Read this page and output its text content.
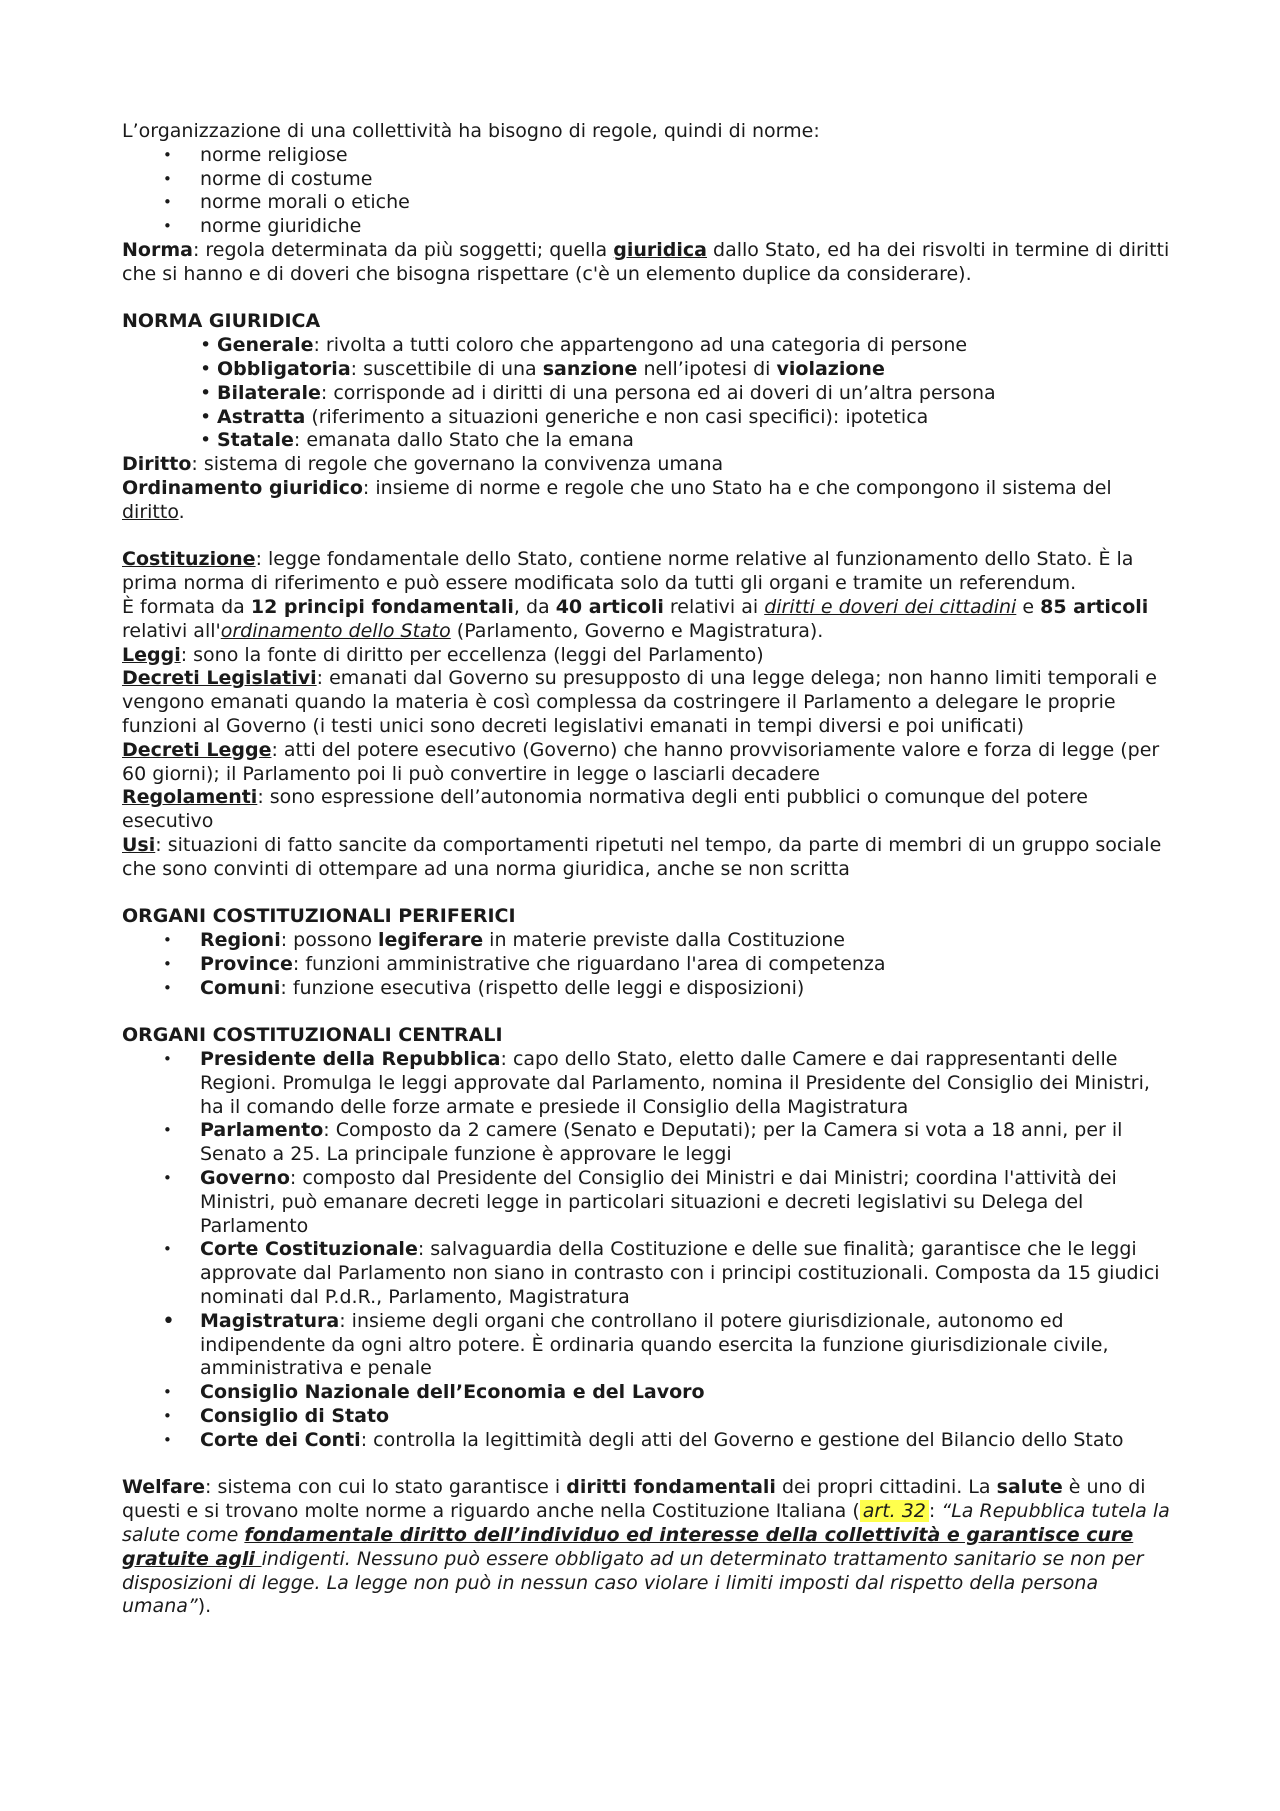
L’organizzazione di una collettività ha bisogno di regole, quindi di norme:

• norme religiose
• norme di costume
• norme morali o etiche
• norme giuridiche

Norma: regola determinata da più soggetti; quella giuridica dallo Stato, ed ha dei risvolti in termine di diritti che si hanno e di doveri che bisogna rispettare (c'è un elemento duplice da considerare).

NORMA GIURIDICA

• Generale: rivolta a tutti coloro che appartengono ad una categoria di persone
• Obbligatoria: suscettibile di una sanzione nell’ipotesi di violazione
• Bilaterale: corrisponde ad i diritti di una persona ed ai doveri di un’altra persona
• Astratta (riferimento a situazioni generiche e non casi specifici): ipotetica
• Statale: emanata dallo Stato che la emana

Diritto: sistema di regole che governano la convivenza umana

Ordinamento giuridico: insieme di norme e regole che uno Stato ha e che compongono il sistema del diritto.

Costituzione: legge fondamentale dello Stato, contiene norme relative al funzionamento dello Stato. È la prima norma di riferimento e può essere modificata solo da tutti gli organi e tramite un referendum.

È formata da 12 principi fondamentali, da 40 articoli relativi ai diritti e doveri dei cittadini e 85 articoli relativi all'ordinamento dello Stato (Parlamento, Governo e Magistratura).

Leggi: sono la fonte di diritto per eccellenza (leggi del Parlamento)

Decreti Legislativi: emanati dal Governo su presupposto di una legge delega; non hanno limiti temporali e vengono emanati quando la materia è così complessa da costringere il Parlamento a delegare le proprie funzioni al Governo (i testi unici sono decreti legislativi emanati in tempi diversi e poi unificati)

Decreti Legge: atti del potere esecutivo (Governo) che hanno provvisoriamente valore e forza di legge (per 60 giorni); il Parlamento poi li può convertire in legge o lasciarli decadere

Regolamenti: sono espressione dell’autonomia normativa degli enti pubblici o comunque del potere esecutivo

Usi: situazioni di fatto sancite da comportamenti ripetuti nel tempo, da parte di membri di un gruppo sociale che sono convinti di ottempare ad una norma giuridica, anche se non scritta

ORGANI COSTITUZIONALI PERIFERICI

• Regioni: possono legiferare in materie previste dalla Costituzione
• Province: funzioni amministrative che riguardano l'area di competenza
• Comuni: funzione esecutiva (rispetto delle leggi e disposizioni)

ORGANI COSTITUZIONALI CENTRALI

• Presidente della Repubblica: capo dello Stato, eletto dalle Camere e dai rappresentanti delle Regioni. Promulga le leggi approvate dal Parlamento, nomina il Presidente del Consiglio dei Ministri, ha il comando delle forze armate e presiede il Consiglio della Magistratura
• Parlamento: Composto da 2 camere (Senato e Deputati); per la Camera si vota a 18 anni, per il Senato a 25. La principale funzione è approvare le leggi
• Governo: composto dal Presidente del Consiglio dei Ministri e dai Ministri; coordina l'attività dei Ministri, può emanare decreti legge in particolari situazioni e decreti legislativi su Delega del Parlamento
• Corte Costituzionale: salvaguardia della Costituzione e delle sue finalità; garantisce che le leggi approvate dal Parlamento non siano in contrasto con i principi costituzionali. Composta da 15 giudici nominati dal P.d.R., Parlamento, Magistratura
• Magistratura: insieme degli organi che controllano il potere giurisdizionale, autonomo ed indipendente da ogni altro potere. È ordinaria quando esercita la funzione giurisdizionale civile, amministrativa e penale
• Consiglio Nazionale dell’Economia e del Lavoro
• Consiglio di Stato
• Corte dei Conti: controlla la legittimità degli atti del Governo e gestione del Bilancio dello Stato

Welfare: sistema con cui lo stato garantisce i diritti fondamentali dei propri cittadini. La salute è uno di questi e si trovano molte norme a riguardo anche nella Costituzione Italiana ( art. 32 : “La Repubblica tutela la salute come fondamentale diritto dell’individuo ed interesse della collettività e garantisce cure gratuite agli indigenti. Nessuno può essere obbligato ad un determinato trattamento sanitario se non per disposizioni di legge. La legge non può in nessun caso violare i limiti imposti dal rispetto della persona umana”).
